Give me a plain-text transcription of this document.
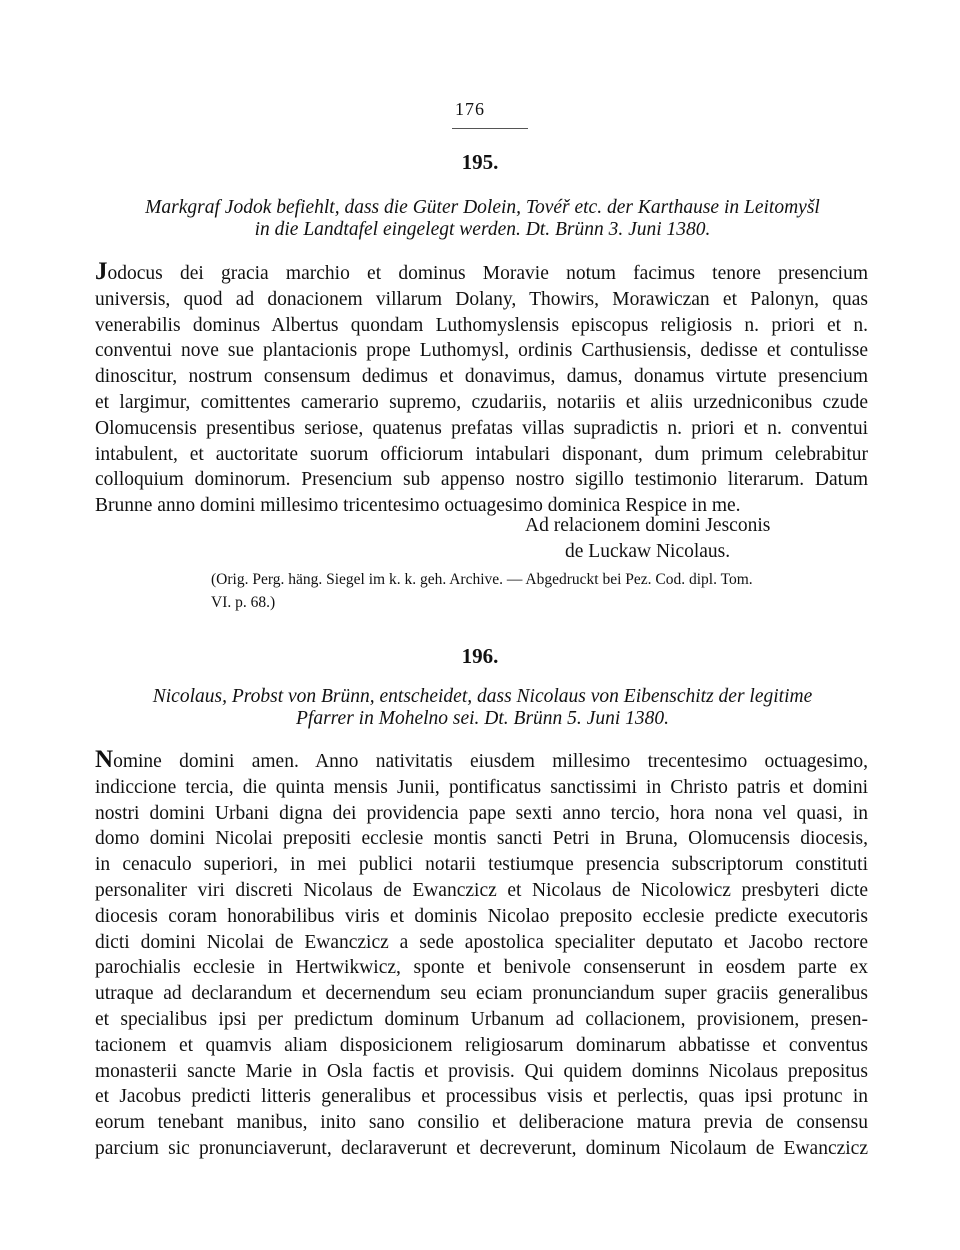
176
195.
Markgraf Jodok befiehlt, dass die Güter Dolein, Tovéř etc. der Karthause in Leitomyšl
in die Landtafel eingelegt werden. Dt. Brünn 3. Juni 1380.
Jodocus dei gracia marchio et dominus Moravie notum facimus tenore presencium
universis, quod ad donacionem villarum Dolany, Thowirs, Morawiczan et Palonyn, quas
venerabilis dominus Albertus quondam Luthomyslensis episcopus religiosis n. priori et n.
conventui nove sue plantacionis prope Luthomysl, ordinis Carthusiensis, dedisse et contulisse
dinoscitur, nostrum consensum dedimus et donavimus, damus, donamus virtute presencium
et largimur, comittentes camerario supremo, czudariis, notariis et aliis urzedniconibus czude
Olomucensis presentibus seriose, quatenus prefatas villas supradictis n. priori et n. conventui
intabulent, et auctoritate suorum officiorum intabulari disponant, dum primum celebrabitur
colloquium dominorum. Presencium sub appenso nostro sigillo testimonio literarum. Datum
Brunne anno domini millesimo tricentesimo octuagesimo dominica Respice in me.
Ad relacionem domini Jesconis
de Luckaw Nicolaus.
(Orig. Perg. häng. Siegel im k. k. geh. Archive. — Abgedruckt bei Pez. Cod. dipl. Tom.
VI. p. 68.)
196.
Nicolaus, Probst von Brünn, entscheidet, dass Nicolaus von Eibenschitz der legitime
Pfarrer in Mohelno sei. Dt. Brünn 5. Juni 1380.
Nomine domini amen. Anno nativitatis eiusdem millesimo trecentesimo octuagesimo,
indiccione tercia, die quinta mensis Junii, pontificatus sanctissimi in Christo patris et domini
nostri domini Urbani digna dei providencia pape sexti anno tercio, hora nona vel quasi, in
domo domini Nicolai prepositi ecclesie montis sancti Petri in Bruna, Olomucensis diocesis,
in cenaculo superiori, in mei publici notarii testiumque presencia subscriptorum constituti
personaliter viri discreti Nicolaus de Ewanczicz et Nicolaus de Nicolowicz presbyteri dicte
diocesis coram honorabilibus viris et dominis Nicolao preposito ecclesie predicte executoris
dicti domini Nicolai de Ewanczicz a sede apostolica specialiter deputato et Jacobo rectore
parochialis ecclesie in Hertwikwicz, sponte et benivole consenserunt in eosdem parte ex
utraque ad declarandum et decernendum seu eciam pronunciandum super graciis generalibus
et specialibus ipsi per predictum dominum Urbanum ad collacionem, provisionem, presen-
tacionem et quamvis aliam disposicionem religiosarum dominarum abbatisse et conventus
monasterii sancte Marie in Osla factis et provisis. Qui quidem dominns Nicolaus prepositus
et Jacobus predicti litteris generalibus et processibus visis et perlectis, quas ipsi protunc in
eorum tenebant manibus, inito sano consilio et deliberacione matura previa de consensu
parcium sic pronunciaverunt, declaraverunt et decreverunt, dominum Nicolaum de Ewanczicz
